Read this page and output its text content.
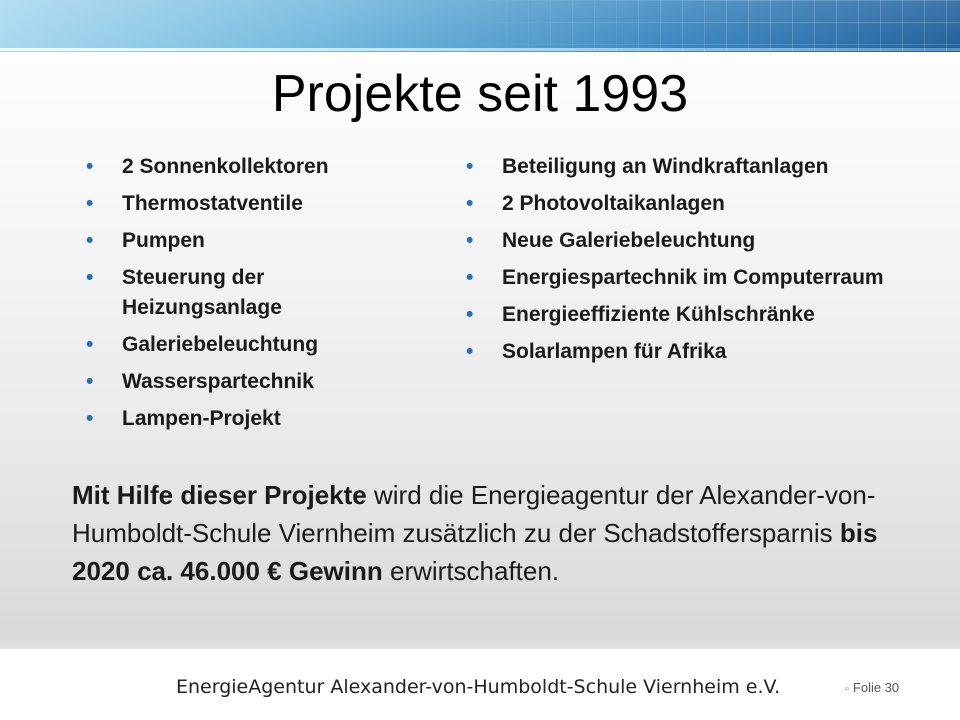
Projekte seit 1993
• 2 Sonnenkollektoren
• Thermostatventile
• Pumpen
• Steuerung der Heizungsanlage
• Galeriebeleuchtung
• Wasserspartechnik
• Lampen-Projekt
• Beteiligung an Windkraftanlagen
• 2 Photovoltaikanlagen
• Neue Galeriebeleuchtung
• Energiespartechnik im Computerraum
• Energieeffiziente Kühlschränke
• Solarlampen für Afrika

Mit Hilfe dieser Projekte wird die Energieagentur der Alexander-von-Humboldt-Schule Viernheim zusätzlich zu der Schadstoffersparnis bis 2020 ca. 46.000 € Gewinn erwirtschaften.

EnergieAgentur Alexander-von-Humboldt-Schule Viernheim e.V.	▫ Folie 30
